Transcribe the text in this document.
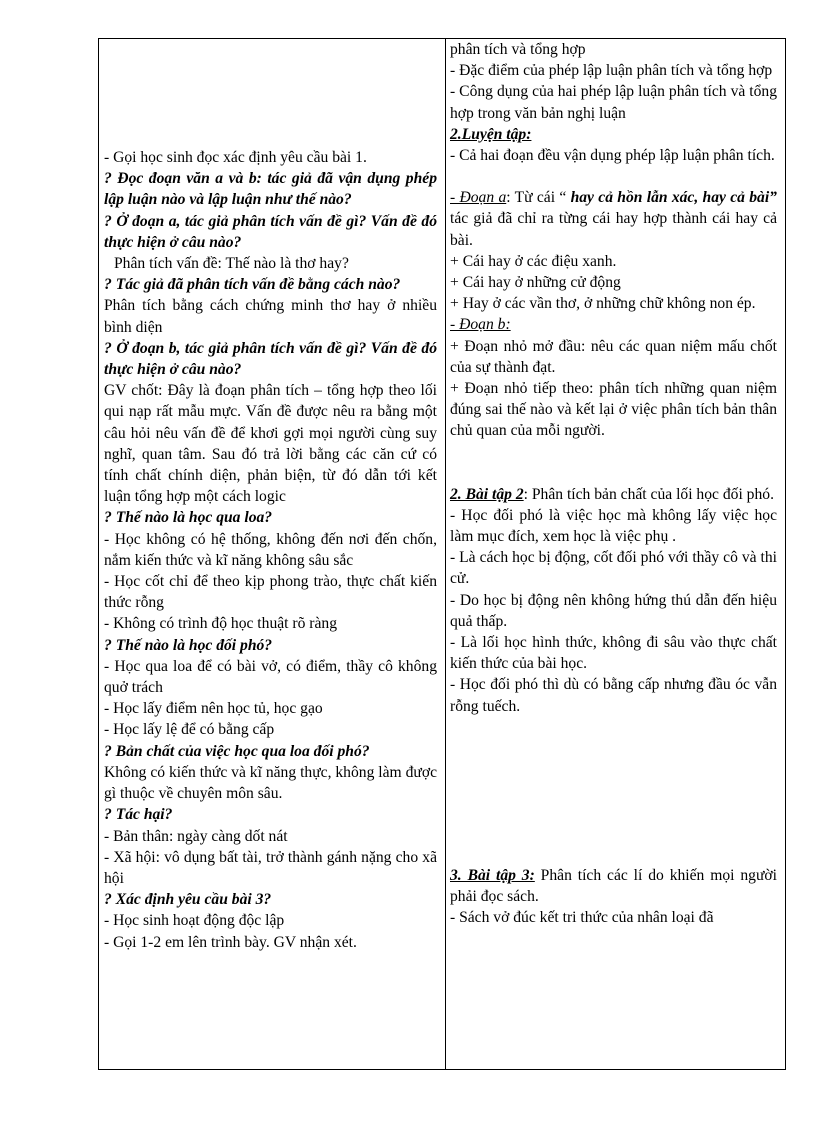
- Gọi học sinh đọc xác định yêu cầu bài 1.

? Đọc đoạn văn a và b: tác giả đã vận dụng phép lập luận nào và lập luận như thế nào?

? Ở đoạn a, tác giả phân tích vấn đề gì? Vấn đề đó thực hiện ở câu nào?

Phân tích vấn đề: Thế nào là thơ hay?

? Tác giả đã phân tích vấn đề bằng cách nào?

Phân tích bằng cách chứng minh thơ hay ở nhiều bình diện

? Ở đoạn b, tác giả phân tích vấn đề gì? Vấn đề đó thực hiện ở câu nào?

GV chốt: Đây là đoạn phân tích – tổng hợp theo lối qui nạp rất mẫu mực. Vấn đề được nêu ra bằng một câu hỏi nêu vấn đề để khơi gợi mọi người cùng suy nghĩ, quan tâm. Sau đó trả lời bằng các căn cứ có tính chất chính diện, phản biện, từ đó dẫn tới kết luận tổng hợp một cách logic

? Thế nào là học qua loa?

- Học không có hệ thống, không đến nơi đến chốn, nắm kiến thức và kĩ năng không sâu sắc

- Học cốt chỉ để theo kịp phong trào, thực chất kiến thức rỗng

- Không có trình độ học thuật rõ ràng

? Thế nào là học đối phó?

- Học qua loa để có bài vở, có điểm, thầy cô không quở trách

- Học lấy điểm nên học tủ, học gạo

- Học lấy lệ để có bằng cấp

? Bản chất của việc học qua loa đối phó?

Không có kiến thức và kĩ năng thực, không làm được gì thuộc về chuyên môn sâu.

? Tác hại?

- Bản thân: ngày càng dốt nát

- Xã hội: vô dụng bất tài, trở thành gánh nặng cho xã hội

? Xác định yêu cầu bài 3?

- Học sinh hoạt động độc lập

- Gọi 1-2 em lên trình bày. GV nhận xét.

phân tích và tổng hợp

- Đặc điểm của phép lập luận phân tích và tổng hợp

- Công dụng của hai phép lập luận phân tích và tổng hợp trong văn bản nghị luận

2.Luyện tập:

- Cả hai đoạn đều vận dụng phép lập luận phân tích.

- Đoạn a: Từ cái “ hay cả hồn lẫn xác, hay cả bài” tác giả đã chỉ ra từng cái hay hợp thành cái hay cả bài.

+ Cái hay ở các điệu xanh.

+ Cái hay ở những cử động

+ Hay ở các vần thơ, ở những chữ không non ép.

- Đoạn b:

+ Đoạn nhỏ mở đầu: nêu các quan niệm mấu chốt của sự thành đạt.

+ Đoạn nhỏ tiếp theo: phân tích những quan niệm đúng sai thế nào và kết lại ở việc phân tích bản thân chủ quan của mỗi người.

2. Bài tập 2: Phân tích bản chất của lối học đối phó.

- Học đối phó là việc học mà không lấy việc học làm mục đích, xem học là việc phụ .

- Là cách học bị động, cốt đối phó với thầy cô và thi cử.

- Do học bị động nên không hứng thú dẫn đến hiệu quả thấp.

- Là lối học hình thức, không đi sâu vào thực chất kiến thức của bài học.

- Học đối phó thì dù có bằng cấp nhưng đầu óc vẫn rỗng tuếch.

3. Bài tập 3: Phân tích các lí do khiến mọi người phải đọc sách.

- Sách vở đúc kết tri thức của nhân loại đã
